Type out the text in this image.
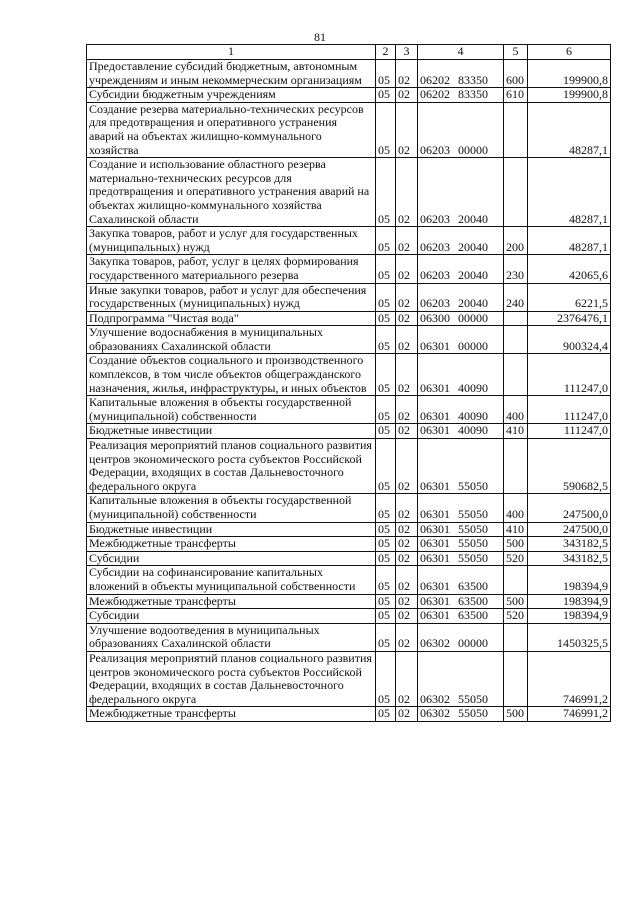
81
1	2	3	4	5	6
Предоставление субсидий бюджетным, автономным учреждениям и иным некоммерческим организациям	05	02	06202 83350	600	199900,8
Субсидии бюджетным учреждениям	05	02	06202 83350	610	199900,8
Создание резерва материально-технических ресурсов для предотвращения и оперативного устранения аварий на объектах жилищно-коммунального хозяйства	05	02	06203 00000		48287,1
Создание и использование областного резерва материально-технических ресурсов для предотвращения и оперативного устранения аварий на объектах жилищно-коммунального хозяйства Сахалинской области	05	02	06203 20040		48287,1
Закупка товаров, работ и услуг для государственных (муниципальных) нужд	05	02	06203 20040	200	48287,1
Закупка товаров, работ, услуг в целях формирования государственного материального резерва	05	02	06203 20040	230	42065,6
Иные закупки товаров, работ и услуг для обеспечения государственных (муниципальных) нужд	05	02	06203 20040	240	6221,5
Подпрограмма "Чистая вода"	05	02	06300 00000		2376476,1
Улучшение водоснабжения в муниципальных образованиях Сахалинской области	05	02	06301 00000		900324,4
Создание объектов социального и производственного комплексов, в том числе объектов общегражданского назначения, жилья, инфраструктуры, и иных объектов	05	02	06301 40090		111247,0
Капитальные вложения в объекты государственной (муниципальной) собственности	05	02	06301 40090	400	111247,0
Бюджетные инвестиции	05	02	06301 40090	410	111247,0
Реализация мероприятий планов социального развития центров экономического роста субъектов Российской Федерации, входящих в состав Дальневосточного федерального округа	05	02	06301 55050		590682,5
Капитальные вложения в объекты государственной (муниципальной) собственности	05	02	06301 55050	400	247500,0
Бюджетные инвестиции	05	02	06301 55050	410	247500,0
Межбюджетные трансферты	05	02	06301 55050	500	343182,5
Субсидии	05	02	06301 55050	520	343182,5
Субсидии на софинансирование капитальных вложений в объекты муниципальной собственности	05	02	06301 63500		198394,9
Межбюджетные трансферты	05	02	06301 63500	500	198394,9
Субсидии	05	02	06301 63500	520	198394,9
Улучшение водоотведения в муниципальных образованиях Сахалинской области	05	02	06302 00000		1450325,5
Реализация мероприятий планов социального развития центров экономического роста субъектов Российской Федерации, входящих в состав Дальневосточного федерального округа	05	02	06302 55050		746991,2
Межбюджетные трансферты	05	02	06302 55050	500	746991,2
